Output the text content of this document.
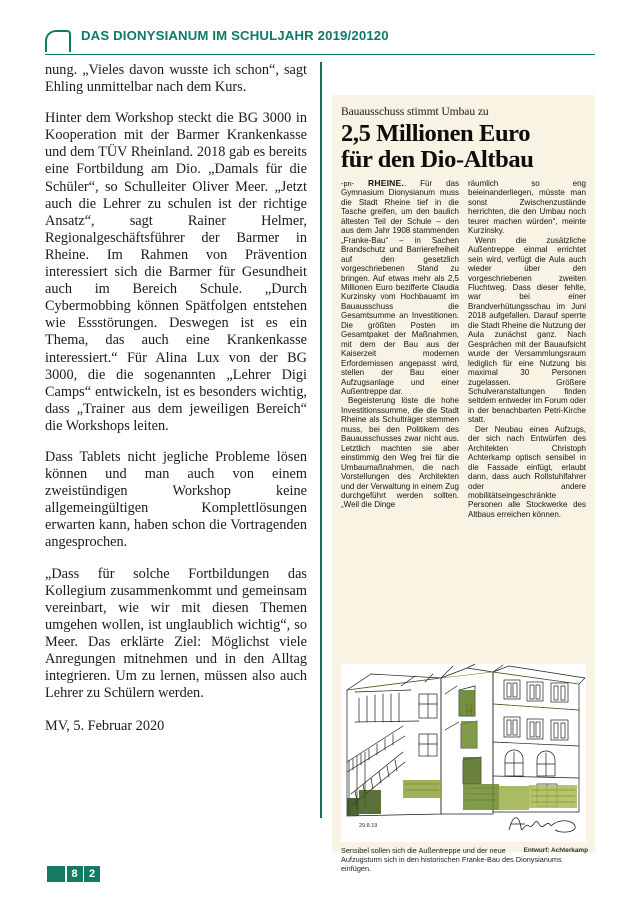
DAS DIONYSIANUM IM SCHULJAHR 2019/20120

nung. „Vieles davon wusste ich schon“, sagt Ehling unmittelbar nach dem Kurs.

Hinter dem Workshop steckt die BG 3000 in Kooperation mit der Barmer Krankenkasse und dem TÜV Rheinland. 2018 gab es bereits eine Fortbildung am Dio. „Damals für die Schüler“, so Schulleiter Oliver Meer. „Jetzt auch die Lehrer zu schulen ist der richtige Ansatz“, sagt Rainer Helmer, Regionalgeschäftsführer der Barmer in Rheine. Im Rahmen von Prävention interessiert sich die Barmer für Gesundheit auch im Bereich Schule. „Durch Cybermobbing können Spätfolgen entstehen wie Essstörungen. Deswegen ist es ein Thema, das auch eine Krankenkasse interessiert.“ Für Alina Lux von der BG 3000, die die sogenannten „Lehrer Digi Camps“ entwickeln, ist es besonders wichtig, dass „Trainer aus dem jeweiligen Bereich“ die Workshops leiten.

Dass Tablets nicht jegliche Probleme lösen können und man auch von einem zweistündigen Workshop keine allgemeingültigen Komplettlösungen erwarten kann, haben schon die Vortragenden angesprochen.

„Dass für solche Fortbildungen das Kollegium zusammenkommt und gemeinsam vereinbart, wie wir mit diesen Themen umgehen wollen, ist unglaublich wichtig“, so Meer. Das erklärte Ziel: Möglichst viele Anregungen mitnehmen und in den Alltag integrieren. Um zu lernen, müssen also auch Lehrer zu Schülern werden.

MV, 5. Februar 2020

Bauausschuss stimmt Umbau zu
2,5 Millionen Euro
für den Dio-Altbau

-pn- RHEINE.. Für das Gymnasium Dionysianum muss die Stadt Rheine tief in die Tasche greifen, um den baulich ältesten Teil der Schule – den aus dem Jahr 1908 stammenden „Franke-Bau“ – in Sachen Brandschutz und Barrierefreiheit auf den gesetzlich vorgeschriebenen Stand zu bringen. Auf etwas mehr als 2,5 Millionen Euro bezifferte Claudia Kurzinsky vom Hochbauamt im Bauausschuss die Gesamtsumme an Investitionen. Die größten Posten im Gesamtpaket der Maßnahmen, mit dem der Bau aus der Kaiserzeit modernen Erfordernissen angepasst wird, stellen der Bau einer Aufzugsanlage und einer Außentreppe dar.

Begeisterung löste die hohe Investitionssumme, die die Stadt Rheine als Schulträger stemmen muss, bei den Politikern des Bauausschusses zwar nicht aus. Letztlich machten sie aber einstimmig den Weg frei für die Umbaumaßnahmen, die nach Vorstellungen des Architekten und der Verwaltung in einem Zug durchgeführt werden sollten. „Weil die Dinge

räumlich so eng beieinanderliegen, müsste man sonst Zwischenzustände herrichten, die den Umbau noch teurer machen würden“, meinte Kurzinsky.

Wenn die zusätzliche Außentreppe einmal errichtet sein wird, verfügt die Aula auch wieder über den vorgeschriebenen zweiten Fluchtweg. Dass dieser fehlte, war bei einer Brandverhütungsschau im Juni 2018 aufgefallen. Darauf sperrte die Stadt Rheine die Nutzung der Aula zunächst ganz. Nach Gesprächen mit der Bauaufsicht wurde der Versammlungsraum lediglich für eine Nutzung bis maximal 30 Personen zugelassen. Größere Schulveranstaltungen finden seitdem entweder im Forum oder in der benachbarten Petri-Kirche statt.

Der Neubau eines Aufzugs, der sich nach Entwürfen des Architekten Christoph Achterkamp optisch sensibel in die Fassade einfügt, erlaubt dann, dass auch Rollstuhlfahrer oder andere mobilitätseingeschränkte Personen alle Stockwerke des Altbaus erreichen können.

29.8.19
Entwurf: Achterkamp
Sensibel sollen sich die Außentreppe und der neue Aufzugsturm sich in den historischen Franke-Bau des Dionysianums einfügen.
8	2
